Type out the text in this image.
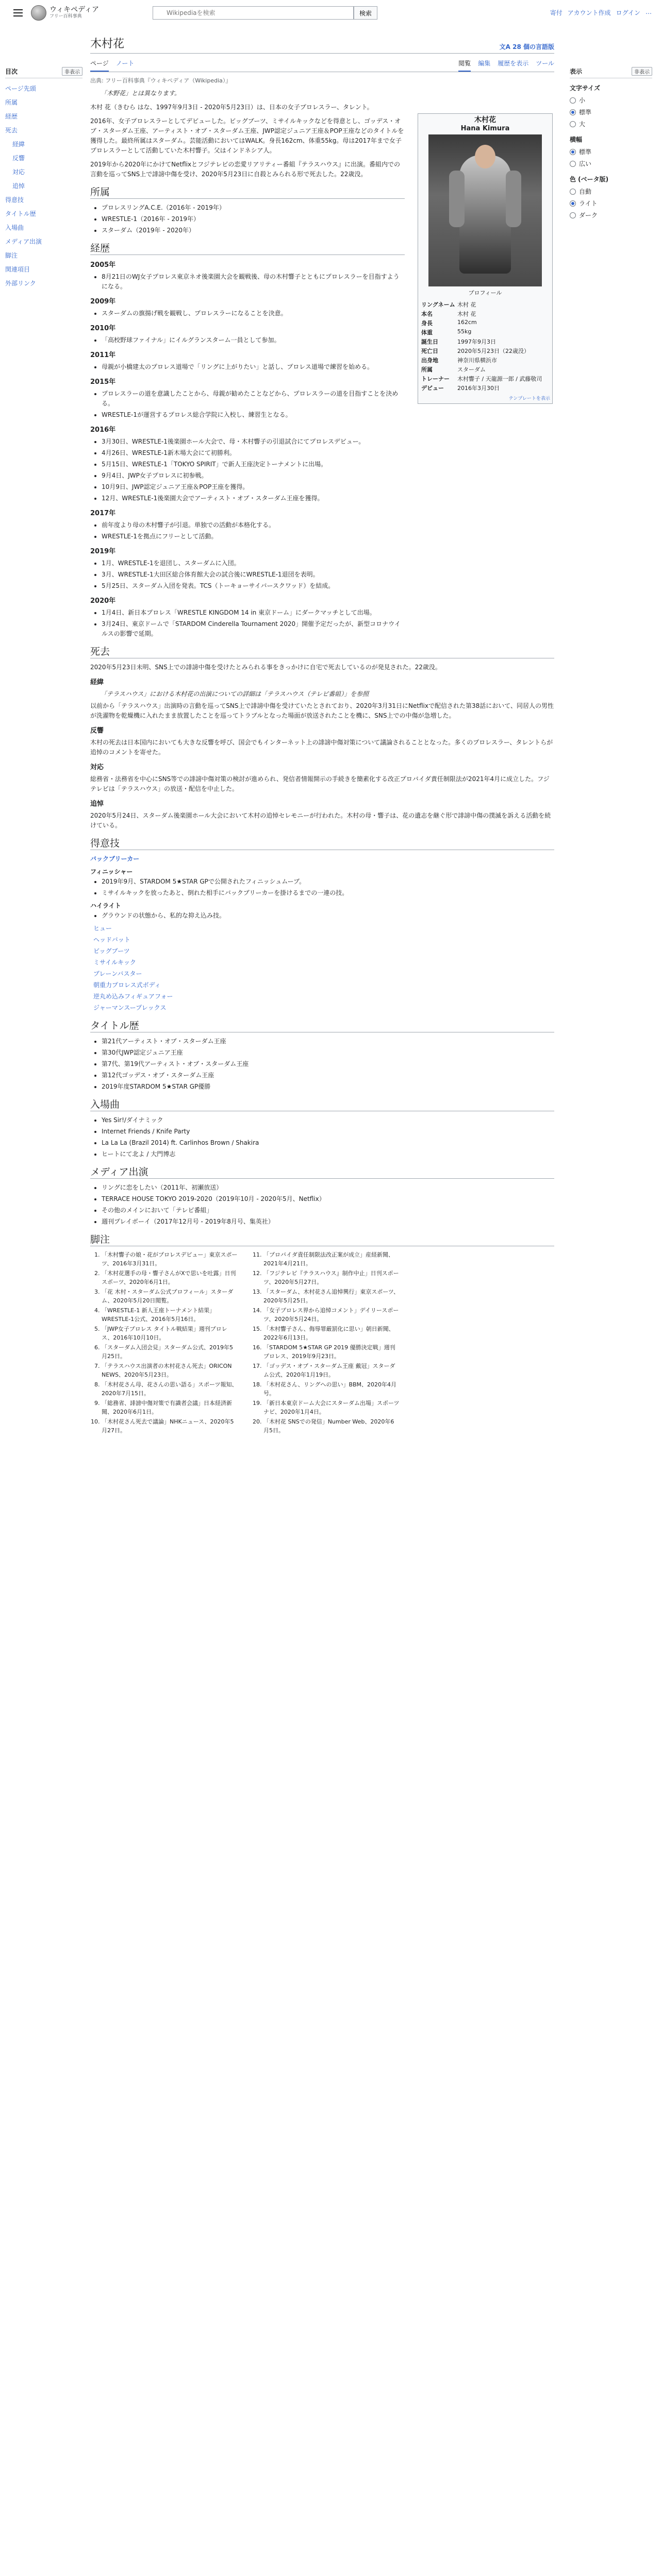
ウィキペディア
フリー百科事典
Wikipediaを検索	検索	寄付 アカウント作成 ログイン …
目次	非表示
ページ先頭
所属
経歴
死去
経緯
反響
対応
追悼
得意技
タイトル歴
入場曲
メディア出演
脚注
関連項目
外部リンク
木村花	文A 28 個の言語版
ページ ノート	閲覧 編集 履歴を表示 ツール
出典: フリー百科事典『ウィキペディア（Wikipedia）』
「木野花」とは異なります。

木村 花（きむら はな、1997年9月3日 - 2020年5月23日）は、日本の女子プロレスラー、タレント。

2016年、女子プロレスラーとしてデビューした。ビッグブーツ、ミサイルキックなどを得意とし、ゴッデス・オブ・スターダム王座、アーティスト・オブ・スターダム王座、JWP認定ジュニア王座＆POP王座などのタイトルを獲得した。最終所属はスターダム。芸能活動においてはWALK。身長162cm、体重55kg。母は2017年まで女子プロレスラーとして活動していた木村響子。父はインドネシア人。

2019年から2020年にかけてNetflixとフジテレビの恋愛リアリティー番組『テラスハウス』に出演。番組内での言動を巡ってSNS上で誹謗中傷を受け、2020年5月23日に自殺とみられる形で死去した。22歳没。

所属
• プロレスリングA.C.E.（2016年 - 2019年）
• WRESTLE-1（2016年 - 2019年）
• スターダム（2019年 - 2020年）
経歴
2005年
• 8月21日のWJ女子プロレス東京ネオ後楽園大会を観戦後、母の木村響子とともにプロレスラーを目指すようになる。
2009年
• スターダムの旗揚げ戦を観戦し、プロレスラーになることを決意。
2010年
• 「高校野球ファイナル」にイルグランスターム一員として参加。
2011年
• 母親が小橋建太のプロレス道場で「リングに上がりたい」と話し、プロレス道場で練習を始める。
2015年
• プロレスラーの道を意識したことから、母親が勧めたことなどから、プロレスラーの道を目指すことを決める。
• WRESTLE-1が運営するプロレス総合学院に入校し、練習生となる。
2016年
• 3月30日、WRESTLE-1後楽園ホール大会で、母・木村響子の引退試合にてプロレスデビュー。
• 4月26日、WRESTLE-1新木場大会にて初勝利。
• 5月15日、WRESTLE-1「TOKYO SPIRIT」で新人王座決定トーナメントに出場。
• 9月4日、JWP女子プロレスに初参戦。
• 10月9日、JWP認定ジュニア王座＆POP王座を獲得。
• 12月、WRESTLE-1後楽園大会でアーティスト・オブ・スターダム王座を獲得。
2017年
• 前年度より母の木村響子が引退。単独での活動が本格化する。
• WRESTLE-1を拠点にフリーとして活動。
2019年
• 1月、WRESTLE-1を退団し、スターダムに入団。
• 3月、WRESTLE-1大田区総合体育館大会の試合後にWRESTLE-1退団を表明。
• 5月25日、スターダム入団を発表。TCS（トーキョーサイバースクワッド）を結成。
2020年
• 1月4日、新日本プロレス「WRESTLE KINGDOM 14 in 東京ドーム」にダークマッチとして出場。
• 3月24日、東京ドームで「STARDOM Cinderella Tournament 2020」開催予定だったが、新型コロナウイルスの影響で延期。
死去

2020年5月23日未明、SNS上での誹謗中傷を受けたとみられる事をきっかけに自宅で死去しているのが発見された。22歳没。

経緯
「テラスハウス」における木村花の出演についての詳細は「テラスハウス（テレビ番組）」を参照

以前から「テラスハウス」出演時の言動を巡ってSNS上で誹謗中傷を受けていたとされており、2020年3月31日にNetflixで配信された第38話において、同居人の男性が洗濯物を乾燥機に入れたまま放置したことを巡ってトラブルとなった場面が放送されたことを機に、SNS上での中傷が急増した。

反響

木村の死去は日本国内においても大きな反響を呼び、国会でもインターネット上の誹謗中傷対策について議論されることとなった。多くのプロレスラー、タレントらが追悼のコメントを寄せた。

対応

総務省・法務省を中心にSNS等での誹謗中傷対策の検討が進められ、発信者情報開示の手続きを簡素化する改正プロバイダ責任制限法が2021年4月に成立した。フジテレビは「テラスハウス」の放送・配信を中止した。

追悼

2020年5月24日、スターダム後楽園ホール大会において木村の追悼セレモニーが行われた。木村の母・響子は、花の遺志を継ぐ形で誹謗中傷の撲滅を訴える活動を続けている。

得意技
バックブリーカー
フィニッシャー
• 2019年9月、STARDOM 5★STAR GPで公開されたフィニッシュムーブ。
• ミサイルキックを放ったあと、倒れた相手にバックブリーカーを掛けるまでの一連の技。
ハイライト
• グラウンドの状態から、私的な抑え込み技。
ヒュー
ヘッドバット
ビッグブーツ
ミサイルキック
ブレーンバスター
朝重力プロレス式ボディ
逆丸め込みフィギュアフォー
ジャーマンスープレックス
タイトル歴
• 第21代アーティスト・オブ・スターダム王座
• 第30代JWP認定ジュニア王座
• 第7代、第19代アーティスト・オブ・スターダム王座
• 第12代ゴッデス・オブ・スターダム王座
• 2019年度STARDOM 5★STAR GP優勝
入場曲
• Yes Sir!/ダイナミック
• Internet Friends / Knife Party
• La La La (Brazil 2014) ft. Carlinhos Brown / Shakira
• ヒートにて北よ / 大門博志
メディア出演
• リングに恋をしたい（2011年、初瀬放送）
• TERRACE HOUSE TOKYO 2019-2020（2019年10月 - 2020年5月、Netflix）
• その他のメインにおいて「テレビ番組」
• 週刊プレイボーイ（2017年12月号 - 2019年8月号、集英社）
脚注
1. 「木村響子の娘・花がプロレスデビュー」東京スポーツ、2016年3月31日。
2. 「木村花選手の母・響子さんがXで思いを吐露」日刊スポーツ、2020年6月1日。
3. 「花 木村・スターダム公式プロフィール」スターダム、2020年5月20日閲覧。
4. 「WRESTLE-1 新人王座トーナメント結果」WRESTLE-1公式、2016年5月16日。
5. 「JWP女子プロレス タイトル戦結果」週刊プロレス、2016年10月10日。
6. 「スターダム入団会見」スターダム公式、2019年5月25日。
7. 「テラスハウス出演者の木村花さん死去」ORICON NEWS、2020年5月23日。
8. 「木村花さん母、花さんの思い語る」スポーツ報知、2020年7月15日。
9. 「総務省、誹謗中傷対策で有識者会議」日本経済新聞、2020年6月1日。
10. 「木村花さん死去で議論」NHKニュース、2020年5月27日。
11. 「プロバイダ責任制限法改正案が成立」産経新聞、2021年4月21日。
12. 「フジテレビ『テラスハウス』制作中止」日刊スポーツ、2020年5月27日。
13. 「スターダム、木村花さん追悼興行」東京スポーツ、2020年5月25日。
14. 「女子プロレス界から追悼コメント」デイリースポーツ、2020年5月24日。
15. 「木村響子さん、侮辱罪厳罰化に思い」朝日新聞、2022年6月13日。
16. 「STARDOM 5★STAR GP 2019 優勝決定戦」週刊プロレス、2019年9月23日。
17. 「ゴッデス・オブ・スターダム王座 戴冠」スターダム公式、2020年1月19日。
18. 「木村花さん、リングへの思い」BBM、2020年4月号。
19. 「新日本東京ドーム大会にスターダム出場」スポーツナビ、2020年1月4日。
20. 「木村花 SNSでの発信」Number Web、2020年6月5日。
木村花
Hana Kimura
プロフィール
リングネーム	木村 花
本名	木村 花
身長	162cm
体重	55kg
誕生日	1997年9月3日
死亡日	2020年5月23日（22歳没）
出身地	神奈川県横浜市
所属	スターダム
トレーナー	木村響子 / 天龍源一郎 / 武藤敬司
デビュー	2016年3月30日
テンプレートを表示
表示	非表示
文字サイズ
小
標準
大
横幅
標準
広い
色 (ベータ版)
自動
ライト
ダーク
